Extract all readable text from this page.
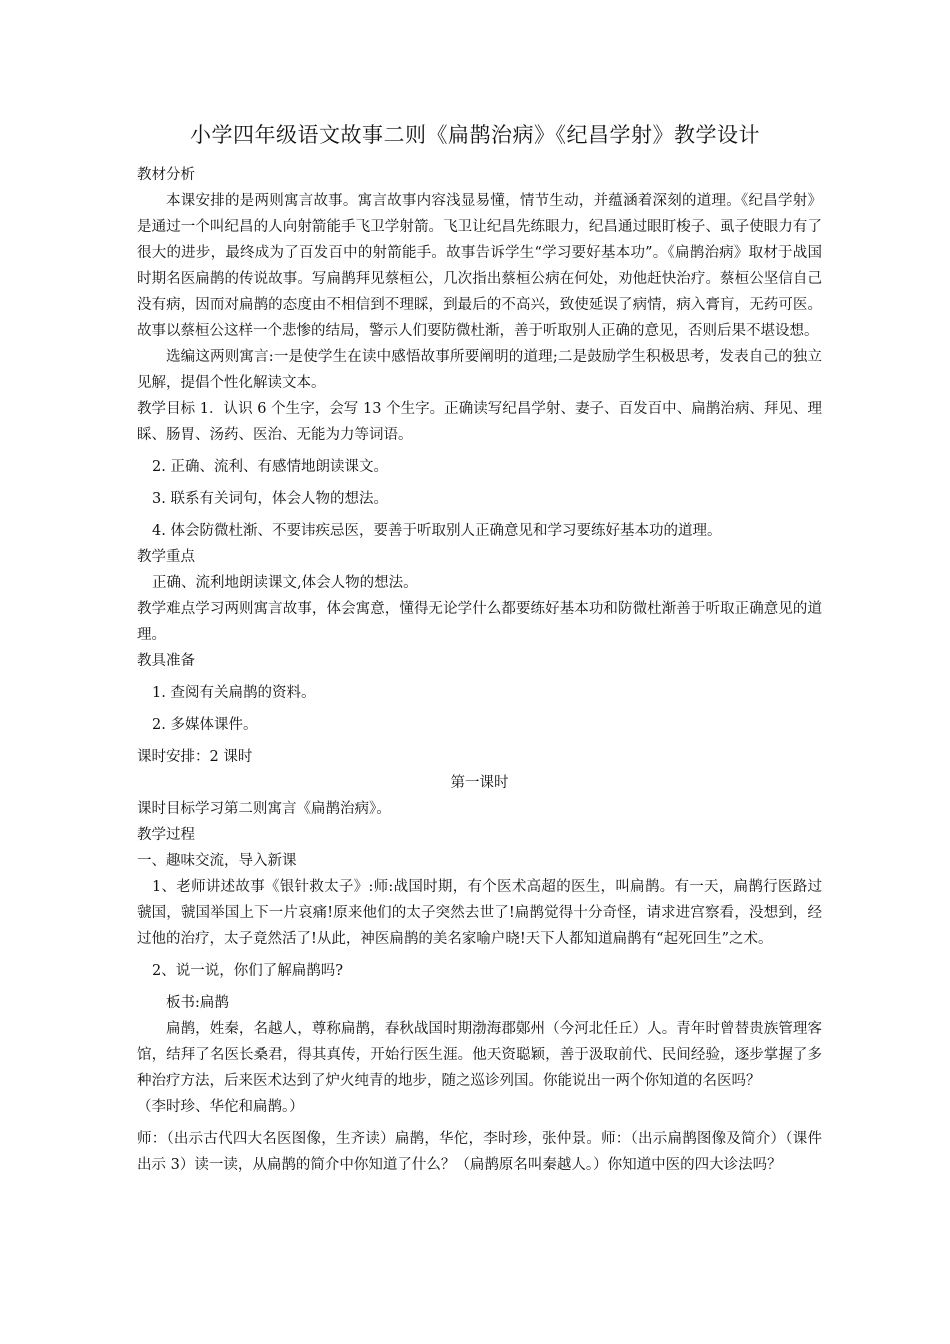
小学四年级语文故事二则《扁鹊治病》《纪昌学射》教学设计

教材分析

本课安排的是两则寓言故事。寓言故事内容浅显易懂，情节生动，并蕴涵着深刻的道理。《纪昌学射》是通过一个叫纪昌的人向射箭能手飞卫学射箭。飞卫让纪昌先练眼力，纪昌通过眼盯梭子、虱子使眼力有了很大的进步，最终成为了百发百中的射箭能手。故事告诉学生“学习要好基本功”。《扁鹊治病》取材于战国时期名医扁鹊的传说故事。写扁鹊拜见蔡桓公，几次指出蔡桓公病在何处，劝他赶快治疗。蔡桓公坚信自己没有病，因而对扁鹊的态度由不相信到不理睬，到最后的不高兴，致使延误了病情，病入膏肓，无药可医。故事以蔡桓公这样一个悲惨的结局，警示人们要防微杜渐，善于听取别人正确的意见，否则后果不堪设想。

选编这两则寓言:一是使学生在读中感悟故事所要阐明的道理;二是鼓励学生积极思考，发表自己的独立见解，提倡个性化解读文本。

教学目标 1．认识 6 个生字，会写 13 个生字。正确读写纪昌学射、妻子、百发百中、扁鹊治病、拜见、理睬、肠胃、汤药、医治、无能为力等词语。

2. 正确、流利、有感情地朗读课文。

3. 联系有关词句，体会人物的想法。

4. 体会防微杜渐、不要讳疾忌医，要善于听取别人正确意见和学习要练好基本功的道理。

教学重点

正确、流利地朗读课文,体会人物的想法。

教学难点学习两则寓言故事，体会寓意，懂得无论学什么都要练好基本功和防微杜渐善于听取正确意见的道理。

教具准备

1. 查阅有关扁鹊的资料。

2. 多媒体课件。

课时安排：2 课时

第一课时

课时目标学习第二则寓言《扁鹊治病》。

教学过程

一、趣味交流，导入新课

1、老师讲述故事《银针救太子》:师:战国时期，有个医术高超的医生，叫扁鹊。有一天，扁鹊行医路过虢国，虢国举国上下一片哀痛!原来他们的太子突然去世了!扁鹊觉得十分奇怪，请求进宫察看，没想到，经过他的治疗，太子竟然活了!从此，神医扁鹊的美名家喻户晓!天下人都知道扁鹊有“起死回生”之术。

2、说一说，你们了解扁鹊吗?

板书:扁鹊

扁鹊，姓秦，名越人，尊称扁鹊，春秋战国时期渤海郡鄚州（今河北任丘）人。青年时曾替贵族管理客馆，结拜了名医长桑君，得其真传，开始行医生涯。他天资聪颖，善于汲取前代、民间经验，逐步掌握了多种治疗方法，后来医术达到了炉火纯青的地步，随之巡诊列国。你能说出一两个你知道的名医吗？

（李时珍、华佗和扁鹊。）

师：（出示古代四大名医图像，生齐读）扁鹊，华佗，李时珍，张仲景。师：（出示扁鹊图像及简介）（课件出示 3）读一读，从扁鹊的简介中你知道了什么？（扁鹊原名叫秦越人。）你知道中医的四大诊法吗？
